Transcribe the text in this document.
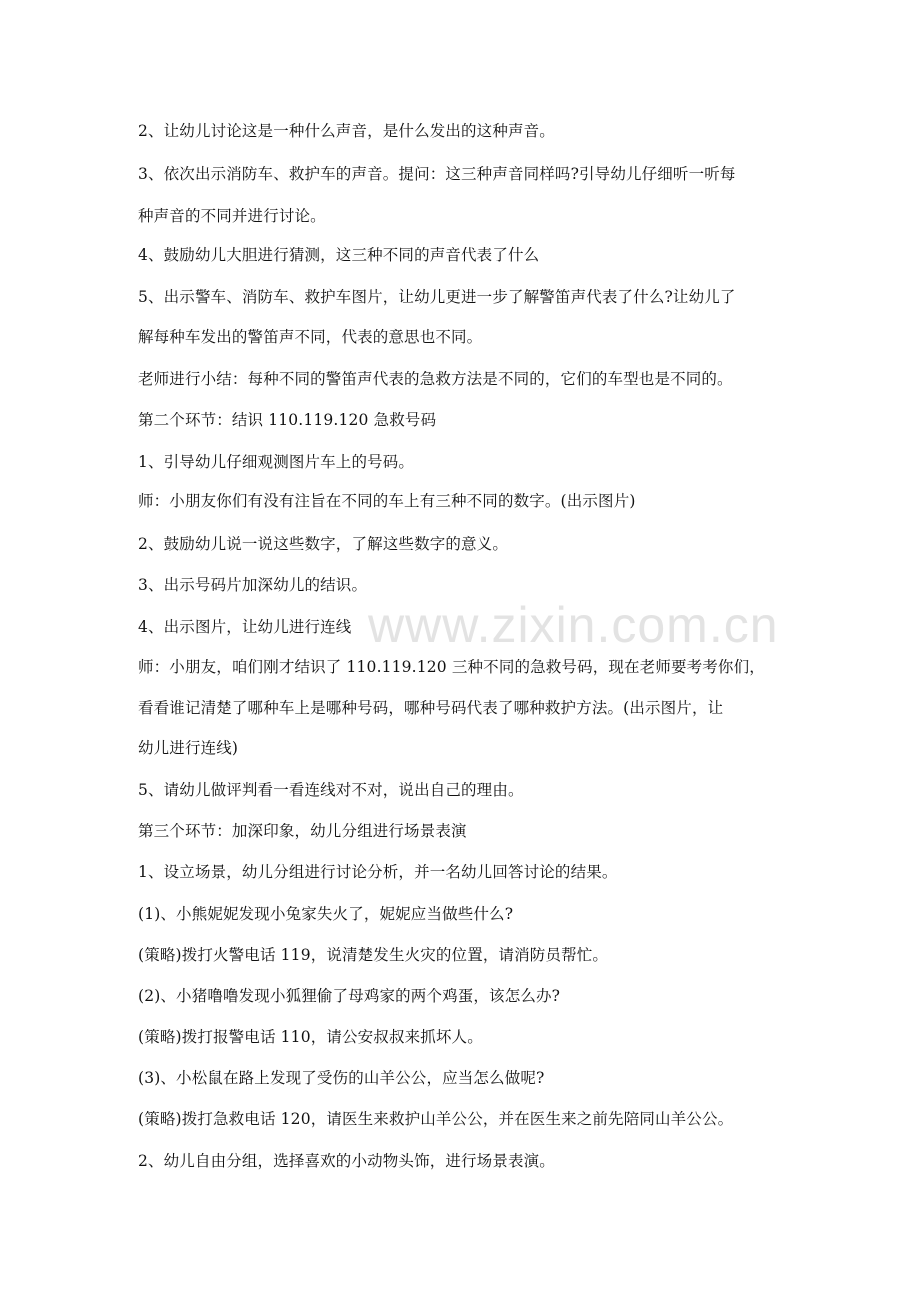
www.zixin.com.cn
2、让幼儿讨论这是一种什么声音，是什么发出的这种声音。
3、依次出示消防车、救护车的声音。提问：这三种声音同样吗?引导幼儿仔细听一听每
种声音的不同并进行讨论。
4、鼓励幼儿大胆进行猜测，这三种不同的声音代表了什么
5、出示警车、消防车、救护车图片，让幼儿更进一步了解警笛声代表了什么?让幼儿了
解每种车发出的警笛声不同，代表的意思也不同。
老师进行小结：每种不同的警笛声代表的急救方法是不同的，它们的车型也是不同的。
第二个环节：结识 110.119.120 急救号码
1、引导幼儿仔细观测图片车上的号码。
师：小朋友你们有没有注旨在不同的车上有三种不同的数字。(出示图片)
2、鼓励幼儿说一说这些数字，了解这些数字的意义。
3、出示号码片加深幼儿的结识。
4、出示图片，让幼儿进行连线
师：小朋友，咱们刚才结识了 110.119.120 三种不同的急救号码，现在老师要考考你们，
看看谁记清楚了哪种车上是哪种号码，哪种号码代表了哪种救护方法。(出示图片，让
幼儿进行连线)
5、请幼儿做评判看一看连线对不对，说出自己的理由。
第三个环节：加深印象，幼儿分组进行场景表演
1、设立场景，幼儿分组进行讨论分析，并一名幼儿回答讨论的结果。
(1)、小熊妮妮发现小兔家失火了，妮妮应当做些什么?
(策略)拨打火警电话 119，说清楚发生火灾的位置，请消防员帮忙。
(2)、小猪噜噜发现小狐狸偷了母鸡家的两个鸡蛋，该怎么办?
(策略)拨打报警电话 110，请公安叔叔来抓坏人。
(3)、小松鼠在路上发现了受伤的山羊公公，应当怎么做呢?
(策略)拨打急救电话 120，请医生来救护山羊公公，并在医生来之前先陪同山羊公公。
2、幼儿自由分组，选择喜欢的小动物头饰，进行场景表演。
